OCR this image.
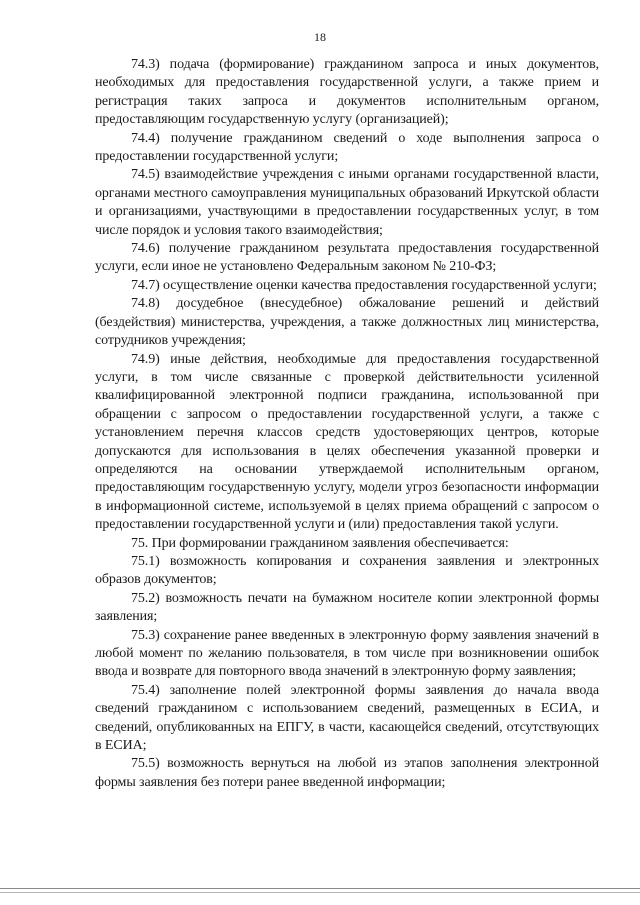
18

74.3) подача (формирование) гражданином запроса и иных документов, необходимых для предоставления государственной услуги, а также прием и регистрация таких запроса и документов исполнительным органом, предоставляющим государственную услугу (организацией);

74.4) получение гражданином сведений о ходе выполнения запроса о предоставлении государственной услуги;

74.5) взаимодействие учреждения с иными органами государственной власти, органами местного самоуправления муниципальных образований Иркутской области и организациями, участвующими в предоставлении государственных услуг, в том числе порядок и условия такого взаимодействия;

74.6) получение гражданином результата предоставления государственной услуги, если иное не установлено Федеральным законом № 210-ФЗ;

74.7) осуществление оценки качества предоставления государственной услуги;

74.8) досудебное (внесудебное) обжалование решений и действий (бездействия) министерства, учреждения, а также должностных лиц министерства, сотрудников учреждения;

74.9) иные действия, необходимые для предоставления государственной услуги, в том числе связанные с проверкой действительности усиленной квалифицированной электронной подписи гражданина, использованной при обращении с запросом о предоставлении государственной услуги, а также с установлением перечня классов средств удостоверяющих центров, которые допускаются для использования в целях обеспечения указанной проверки и определяются на основании утверждаемой исполнительным органом, предоставляющим государственную услугу, модели угроз безопасности информации в информационной системе, используемой в целях приема обращений с запросом о предоставлении государственной услуги и (или) предоставления такой услуги.

75. При формировании гражданином заявления обеспечивается:

75.1) возможность копирования и сохранения заявления и электронных образов документов;

75.2) возможность печати на бумажном носителе копии электронной формы заявления;

75.3) сохранение ранее введенных в электронную форму заявления значений в любой момент по желанию пользователя, в том числе при возникновении ошибок ввода и возврате для повторного ввода значений в электронную форму заявления;

75.4) заполнение полей электронной формы заявления до начала ввода сведений гражданином с использованием сведений, размещенных в ЕСИА, и сведений, опубликованных на ЕПГУ, в части, касающейся сведений, отсутствующих в ЕСИА;

75.5) возможность вернуться на любой из этапов заполнения электронной формы заявления без потери ранее введенной информации;
